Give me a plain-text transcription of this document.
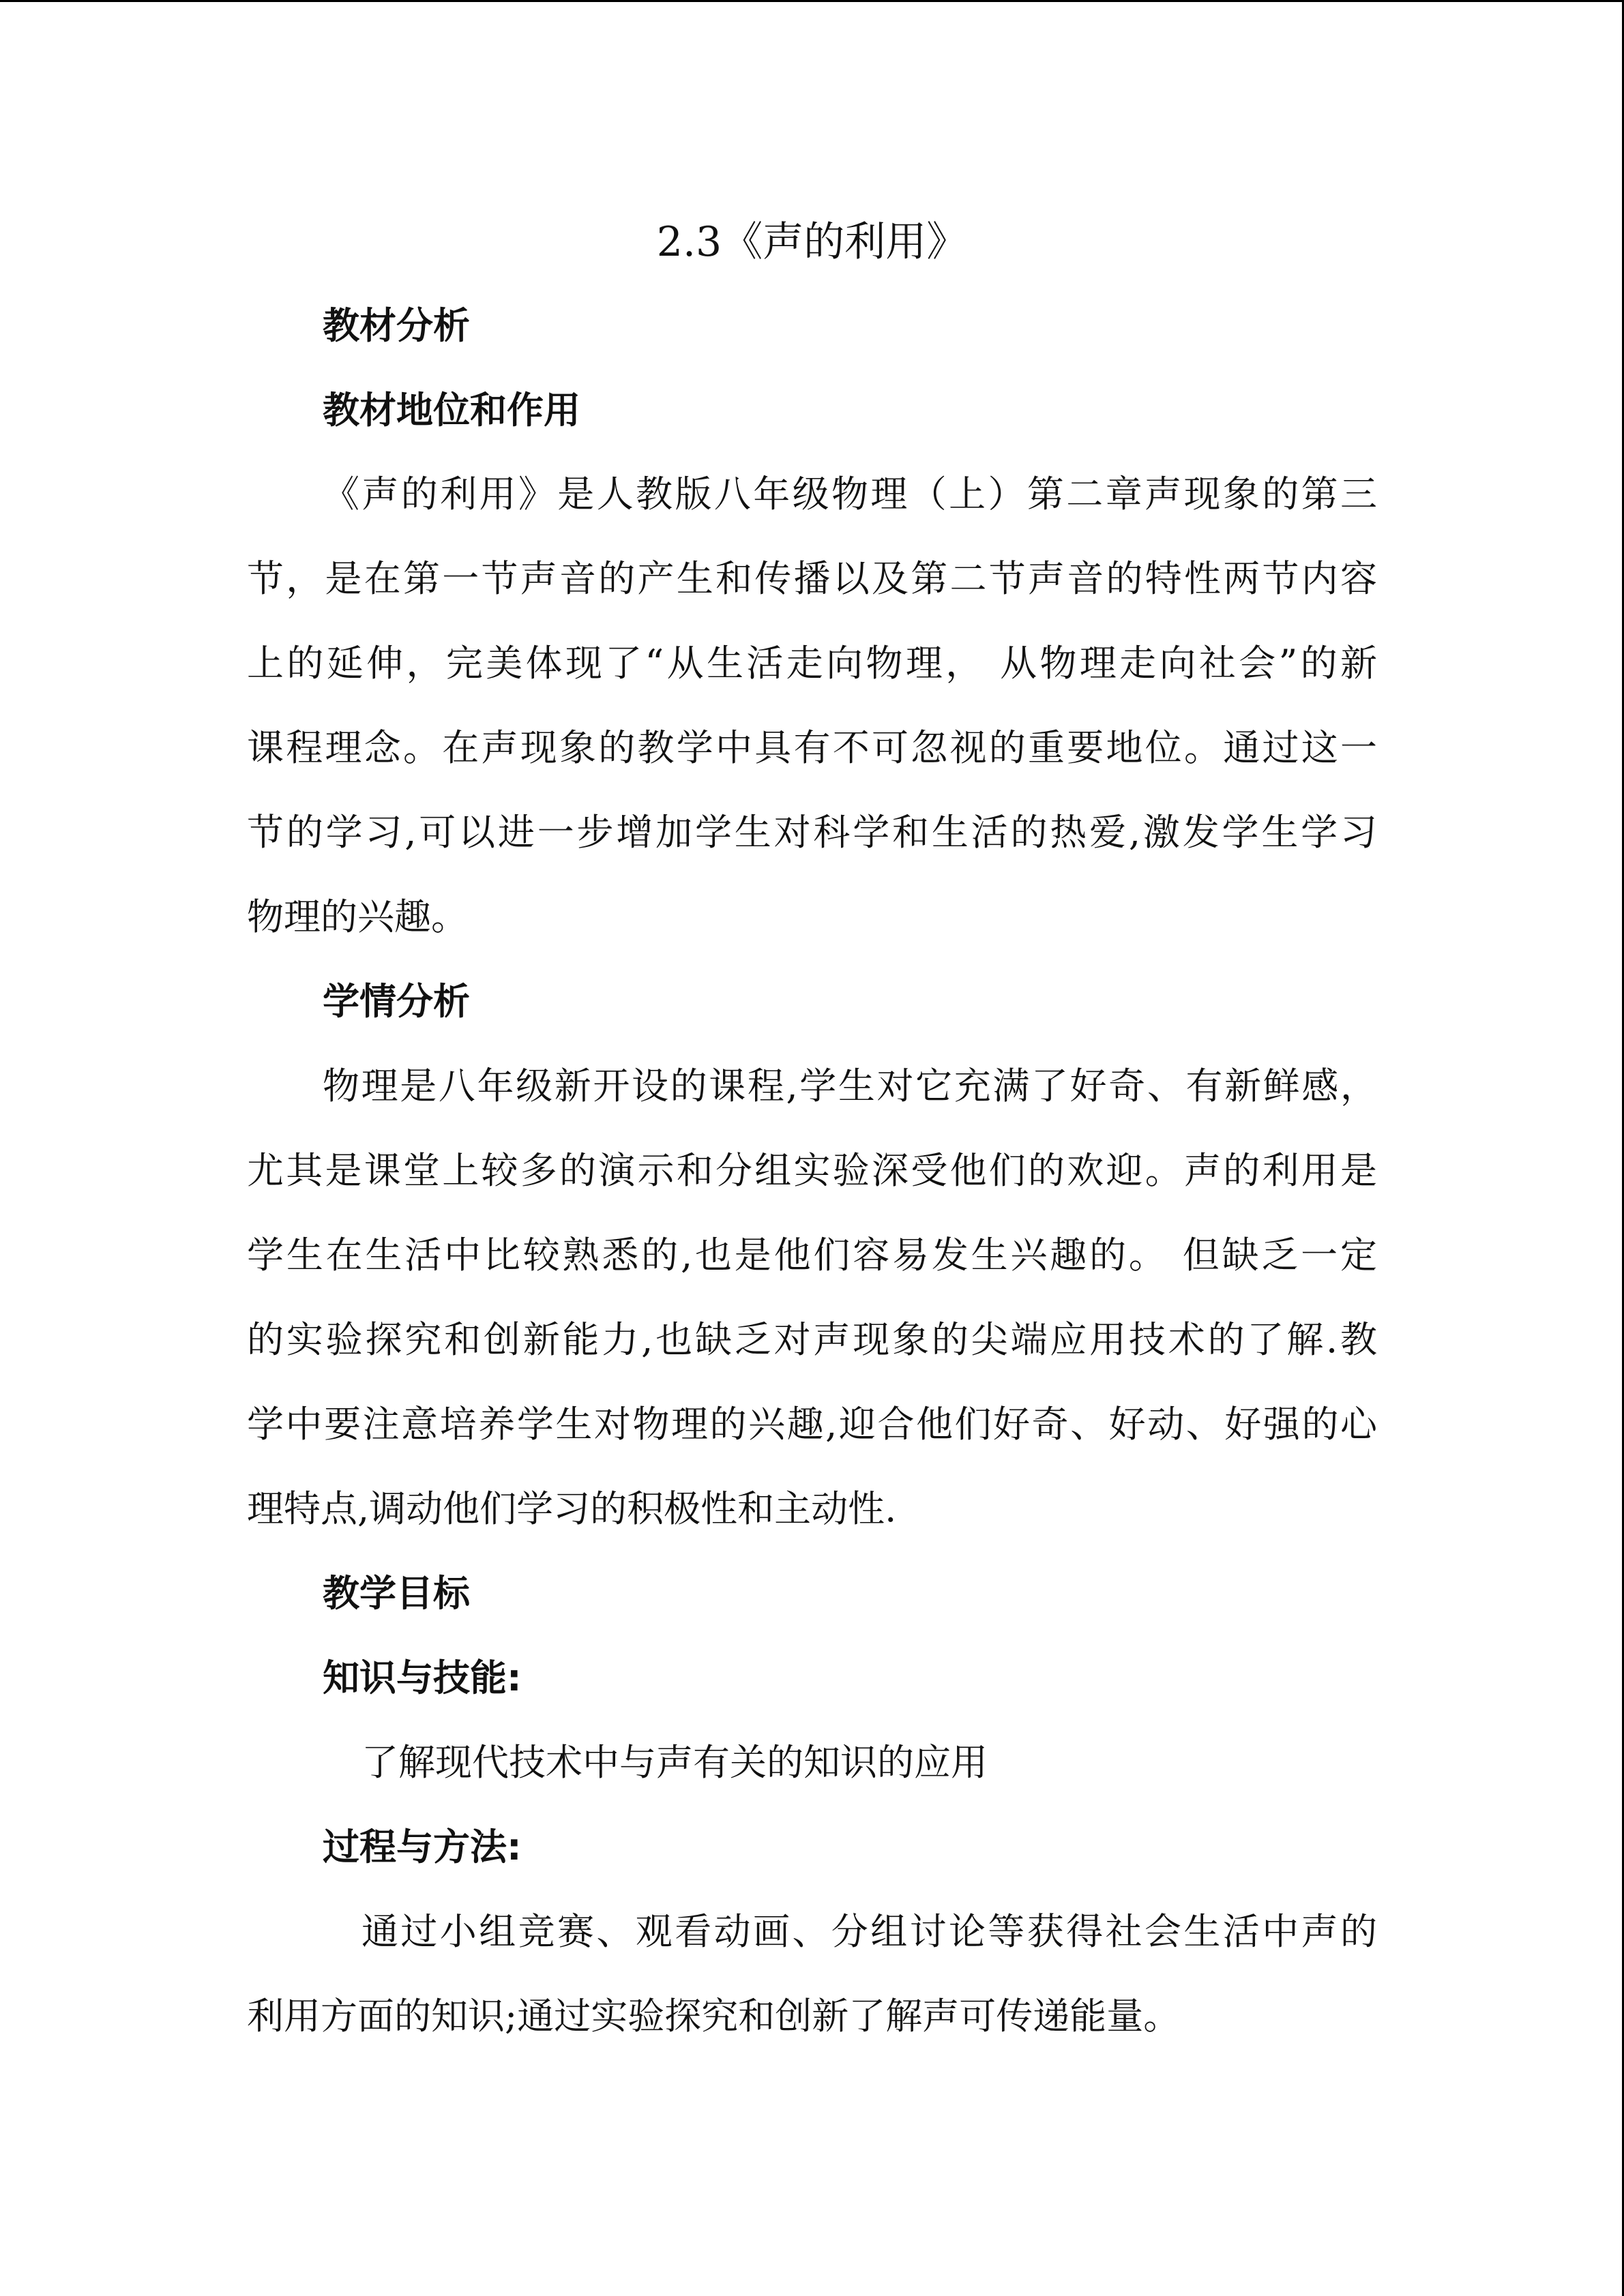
2.3《声的利用》
教材分析
教材地位和作用
《声的利用》是人教版八年级物理（上）第二章声现象的第三
节，是在第一节声音的产生和传播以及第二节声音的特性两节内容
上的延伸，完美体现了“从生活走向物理， 从物理走向社会”的新
课程理念。在声现象的教学中具有不可忽视的重要地位。通过这一
节的学习,可以进一步增加学生对科学和生活的热爱,激发学生学习
物理的兴趣。
学情分析
物理是八年级新开设的课程,学生对它充满了好奇、有新鲜感，
尤其是课堂上较多的演示和分组实验深受他们的欢迎。声的利用是
学生在生活中比较熟悉的,也是他们容易发生兴趣的。 但缺乏一定
的实验探究和创新能力,也缺乏对声现象的尖端应用技术的了解.教
学中要注意培养学生对物理的兴趣,迎合他们好奇、好动、好强的心
理特点,调动他们学习的积极性和主动性.
教学目标
知识与技能:
了解现代技术中与声有关的知识的应用
过程与方法:
通过小组竞赛、观看动画、分组讨论等获得社会生活中声的
利用方面的知识;通过实验探究和创新了解声可传递能量。
